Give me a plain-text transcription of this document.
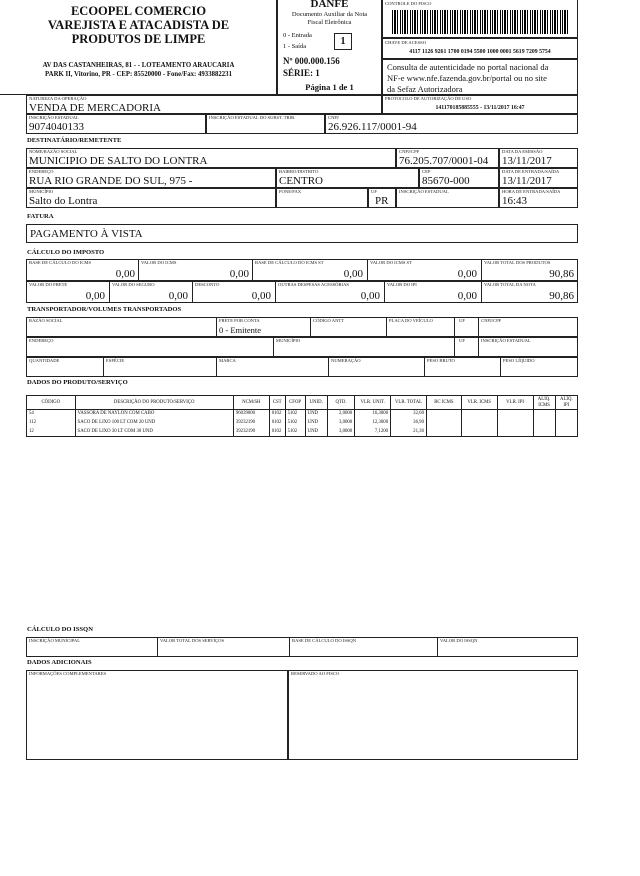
ECOOPEL COMERCIO
VAREJISTA E ATACADISTA DE
PRODUTOS DE LIMPE
AV DAS CASTANHEIRAS, 81 - - LOTEAMENTO ARAUCARIA
PARK II, Vitorino, PR - CEP: 85520000 - Fone/Fax: 4933882231
DANFE
Documento Auxiliar da Nota
Fiscal Eletrônica
0 - Entrada
1 - Saída	1
Nº 000.000.156
SÉRIE: 1
Página 1 de 1
CONTROLE DO FISCO
CHAVE DE ACESSO
4117 1126 9261 1700 0194 5500 1000 0001 5619 7209 5754
Consulta de autenticidade no portal nacional da
NF-e www.nfe.fazenda.gov.br/portal ou no site
da Sefaz Autorizadora
NATUREZA DA OPERAÇÃO
VENDA DE MERCADORIA
PROTOCOLO DE AUTORIZAÇÃO DE USO
141170185885555 - 13/11/2017 16:47
INSCRIÇÃO ESTADUAL
9074040133
INSCRIÇÃO ESTADUAL DO SUBST. TRIB.	CNPJ
26.926.117/0001-94
DESTINATÁRIO/REMETENTE
NOME/RAZÃO SOCIAL
MUNICIPIO DE SALTO DO LONTRA
CNPJ/CPF
76.205.707/0001-04
DATA DA EMISSÃO
13/11/2017
ENDEREÇO
RUA RIO GRANDE DO SUL, 975 -
BAIRRO/DISTRITO
CENTRO
CEP
85670-000
DATA DE ENTRADA/SAÍDA
13/11/2017
MUNICÍPIO
Salto do Lontra
FONE/FAX	UF
PR
INSCRIÇÃO ESTADUAL	HORA DE ENTRADA/SAÍDA
16:43
FATURA
PAGAMENTO À VISTA
CÁLCULO DO IMPOSTO
BASE DE CÁLCULO DO ICMS
0,00
VALOR DO ICMS
0,00
BASE DE CÁLCULO DO ICMS ST
0,00
VALOR DO ICMS ST
0,00
VALOR TOTAL DOS PRODUTOS
90,86
VALOR DO FRETE
0,00
VALOR DO SEGURO
0,00
DESCONTO
0,00
OUTRAS DESPESAS ACESSÓRIAS
0,00
VALOR DO IPI
0,00
VALOR TOTAL DA NOTA
90,86
TRANSPORTADOR/VOLUMES TRANSPORTADOS
RAZÃO SOCIAL	FRETE POR CONTA
0 - Emitente
CÓDIGO ANTT	PLACA DO VEÍCULO	UF	CNPJ/CPF
ENDEREÇO	MUNICÍPIO	UF	INSCRIÇÃO ESTADUAL
QUANTIDADE	ESPÉCIE	MARCA	NUMERAÇÃO	PESO BRUTO	PESO LÍQUIDO
DADOS DO PRODUTO/SERVIÇO
CÓDIGO	DESCRIÇÃO DO PRODUTO/SERVIÇO	NCM/SH	CST	CFOP	UNID.	QTD.	VLR. UNIT.	VLR. TOTAL	BC ICMS	VLR. ICMS	VLR. IPI	ALÍQ. ICMS	ALÍQ. IPI
54	VASSORA DE NAYLON COM CABO	96039000	0102	5102	UND	2,0000	16,3000	32,60					
112	SACO DE LIXO 100 LT COM 20 UND	39232190	0102	5102	UND	3,0000	12,3000	36,90					
12	SACO DE LIXO 30 LT COM 30 UND	39232190	0102	5102	UND	3,0000	7,1200	21,36					
CÁLCULO DO ISSQN
INSCRIÇÃO MUNICIPAL	VALOR TOTAL DOS SERVIÇOS	BASE DE CÁLCULO DO ISSQN	VALOR DO ISSQN
DADOS ADICIONAIS
INFORMAÇÕES COMPLEMENTARES	RESERVADO AO FISCO
